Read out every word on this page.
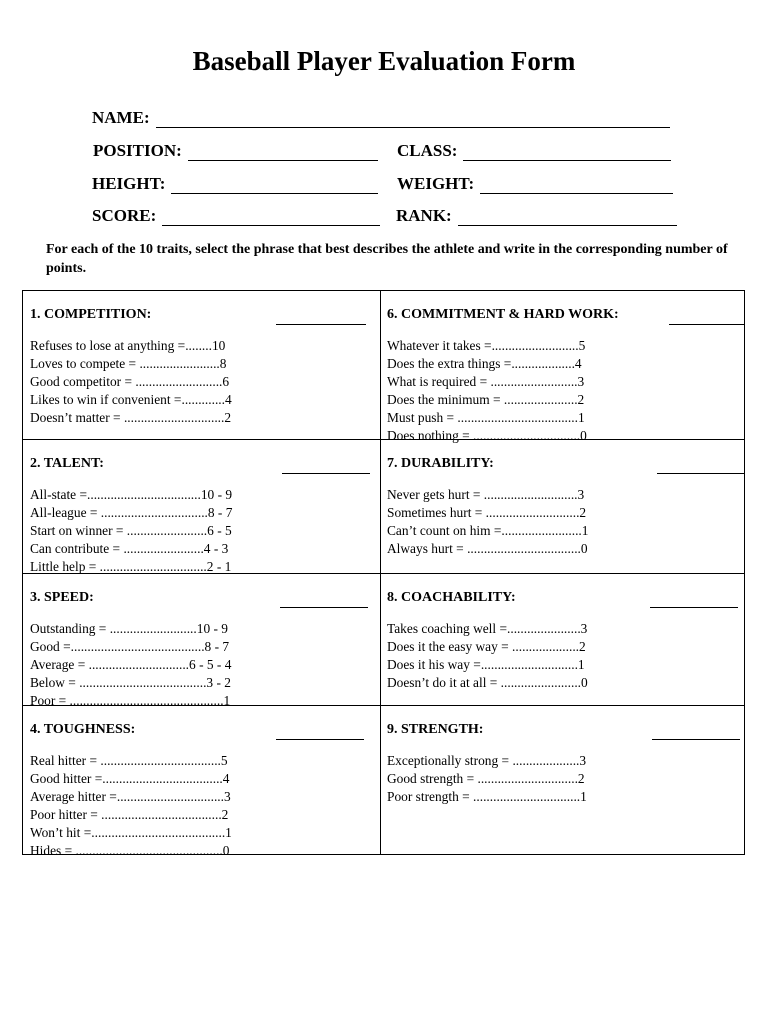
Baseball Player Evaluation Form
NAME:
POSITION:	CLASS:
HEIGHT:	WEIGHT:
SCORE:	RANK:
For each of the 10 traits, select the phrase that best describes the athlete and write in the corresponding number of points.
1. COMPETITION:
Refuses to lose at anything =........10
Loves to compete = ........................8
Good competitor = ..........................6
Likes to win if convenient =.............4
Doesn’t matter = ..............................2
6. COMMITMENT & HARD WORK:
Whatever it takes =..........................5
Does the extra things =...................4
What is required = ..........................3
Does the minimum = ......................2
Must push = ....................................1
Does nothing = ................................0
2. TALENT:
All-state =..................................10 - 9
All-league = ................................8 - 7
Start on winner = ........................6 - 5
Can contribute = ........................4 - 3
Little help = ................................2 - 1
7. DURABILITY:
Never gets hurt = ............................3
Sometimes hurt = ............................2
Can’t count on him =........................1
Always hurt = ..................................0
3. SPEED:
Outstanding = ..........................10 - 9
Good =........................................8 - 7
Average = ..............................6 - 5 - 4
Below = ......................................3 - 2
Poor = ..............................................1
8. COACHABILITY:
Takes coaching well =......................3
Does it the easy way = ....................2
Does it his way =.............................1
Doesn’t do it at all = ........................0
4. TOUGHNESS:
Real hitter = ....................................5
Good hitter =....................................4
Average hitter =................................3
Poor hitter = ....................................2
Won’t hit =........................................1
Hides = ............................................0
9. STRENGTH:
Exceptionally strong = ....................3
Good strength = ..............................2
Poor strength = ................................1
